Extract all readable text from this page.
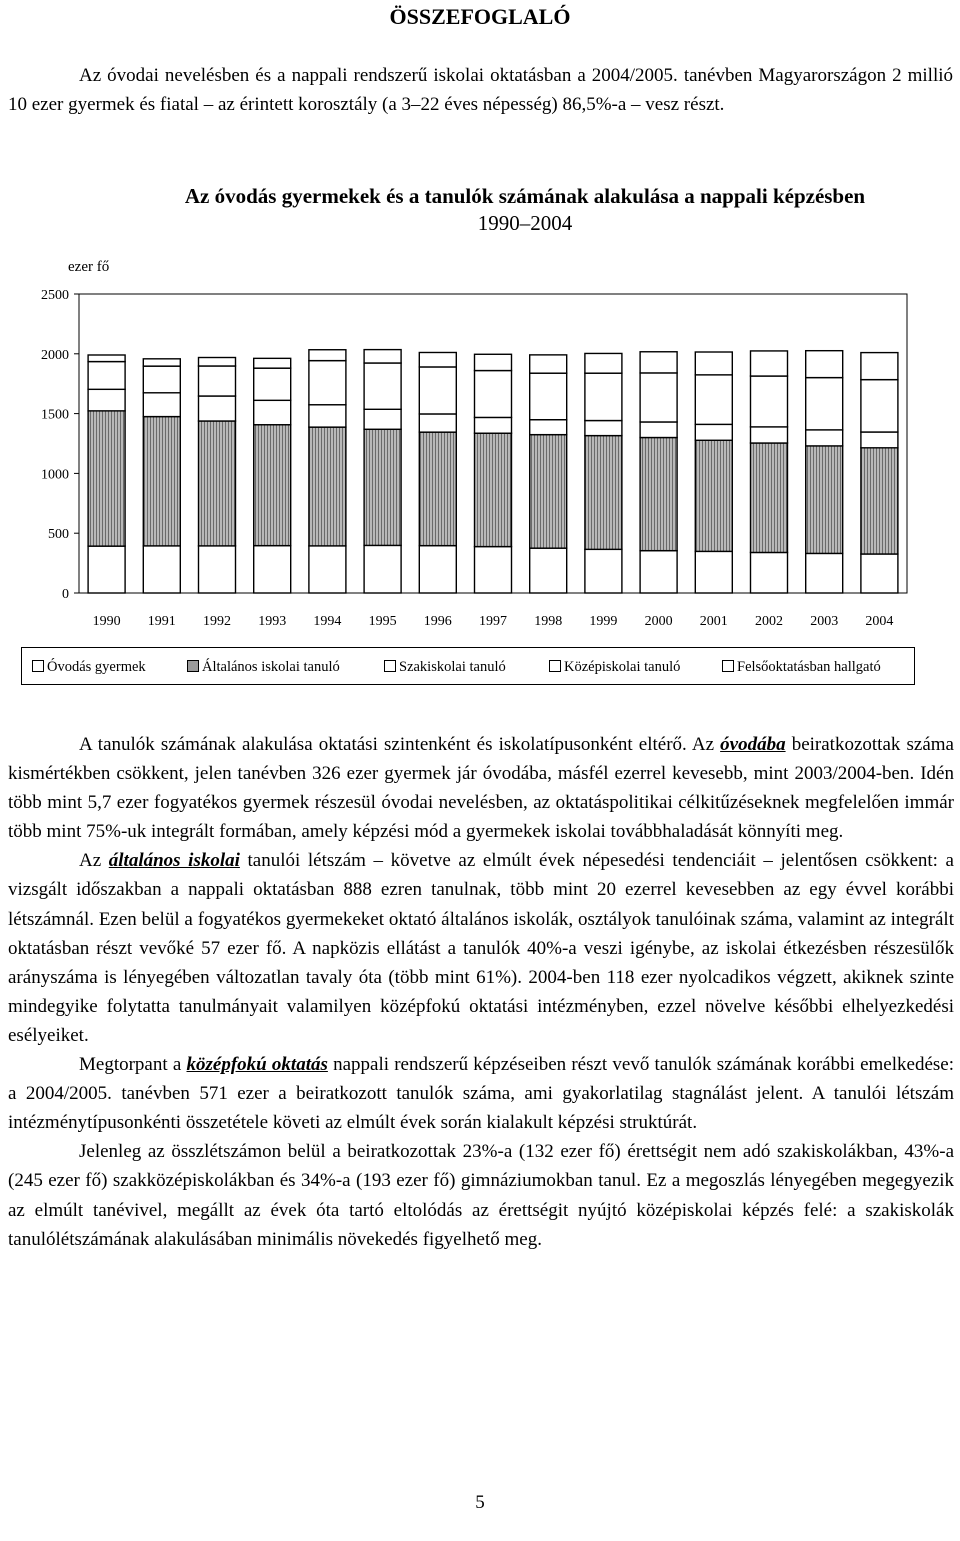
ÖSSZEFOGLALÓ

Az óvodai nevelésben és a nappali rendszerű iskolai oktatásban a 2004/2005. tanévben Magyarországon 2 millió 10 ezer gyermek és fiatal – az érintett korosztály (a 3–22 éves népesség) 86,5%-a – vesz részt.

Az óvodás gyermekek és a tanulók számának alakulása a nappali képzésben
1990–2004
ezer fő
0
500
1000
1500
2000
2500
1990 1991 1992 1993 1994 1995 1996 1997 1998 1999 2000 2001 2002 2003 2004
Óvodás gyermek	Általános iskolai tanuló	Szakiskolai tanuló	Középiskolai tanuló	Felsőoktatásban hallgató

A tanulók számának alakulása oktatási szintenként és iskolatípusonként eltérő. Az óvodába beiratkozottak száma kismértékben csökkent, jelen tanévben 326 ezer gyermek jár óvodába, másfél ezerrel kevesebb, mint 2003/2004-ben. Idén több mint 5,7 ezer fogyatékos gyermek részesül óvodai nevelésben, az oktatáspolitikai célkitűzéseknek megfelelően immár több mint 75%-uk integrált formában, amely képzési mód a gyermekek iskolai továbbhaladását könnyíti meg.

Az általános iskolai tanulói létszám – követve az elmúlt évek népesedési tendenciáit – jelentősen csökkent: a vizsgált időszakban a nappali oktatásban 888 ezren tanulnak, több mint 20 ezerrel kevesebben az egy évvel korábbi létszámnál. Ezen belül a fogyatékos gyermekeket oktató általános iskolák, osztályok tanulóinak száma, valamint az integrált oktatásban részt vevőké 57 ezer fő. A napközis ellátást a tanulók 40%-a veszi igénybe, az iskolai étkezésben részesülők arányszáma is lényegében változatlan tavaly óta (több mint 61%). 2004-ben 118 ezer nyolcadikos végzett, akiknek szinte mindegyike folytatta tanulmányait valamilyen középfokú oktatási intézményben, ezzel növelve későbbi elhelyezkedési esélyeiket.

Megtorpant a középfokú oktatás nappali rendszerű képzéseiben részt vevő tanulók számának korábbi emelkedése: a 2004/2005. tanévben 571 ezer a beiratkozott tanulók száma, ami gyakorlatilag stagnálást jelent. A tanulói létszám intézménytípusonkénti összetétele követi az elmúlt évek során kialakult képzési struktúrát.

Jelenleg az összlétszámon belül a beiratkozottak 23%-a (132 ezer fő) érettségit nem adó szakiskolákban, 43%-a (245 ezer fő) szakközépiskolákban és 34%-a (193 ezer fő) gimnáziumokban tanul. Ez a megoszlás lényegében megegyezik az elmúlt tanévivel, megállt az évek óta tartó eltolódás az érettségit nyújtó középiskolai képzés felé: a szakiskolák tanulólétszámának alakulásában minimális növekedés figyelhető meg.

5
